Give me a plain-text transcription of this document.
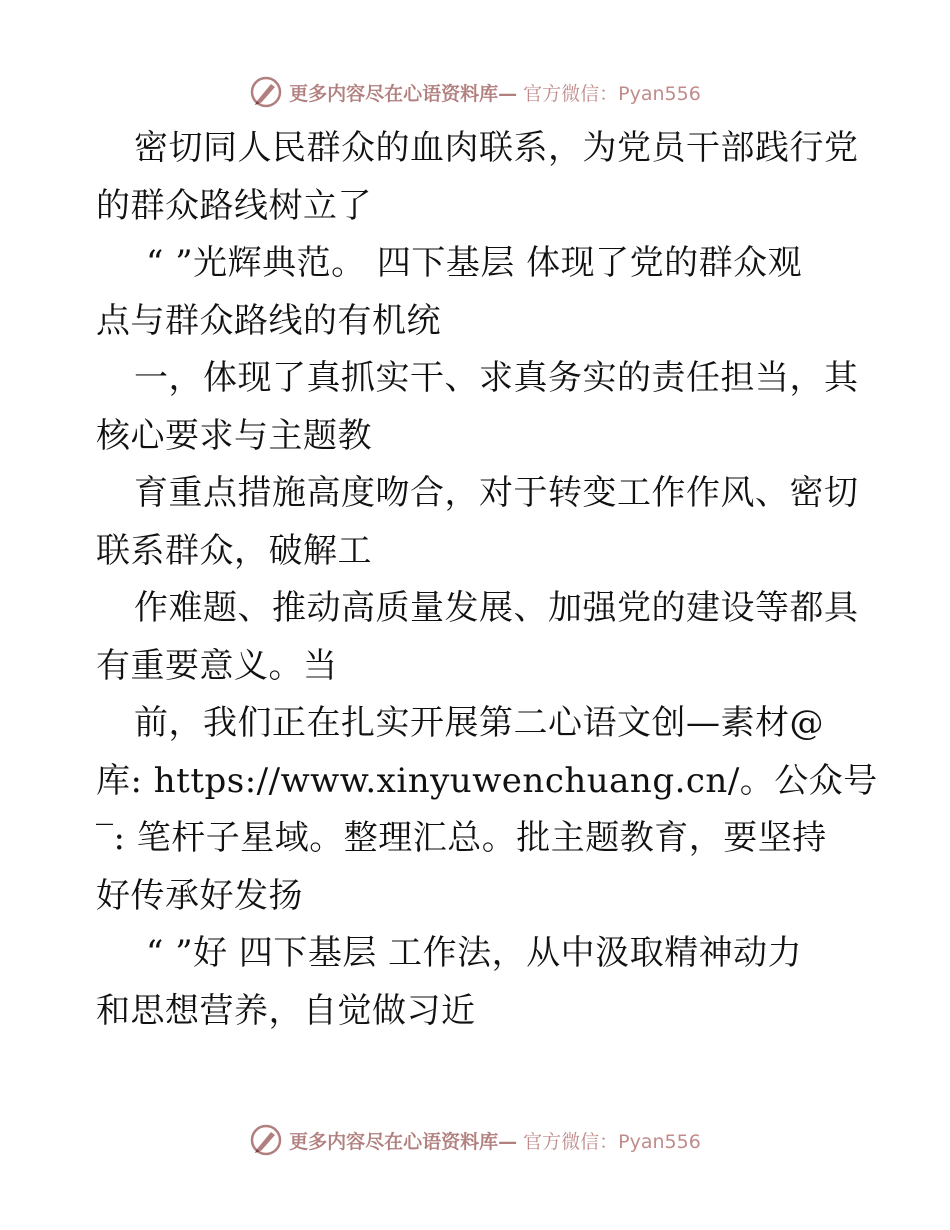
更多内容尽在心语资料库— 官方微信：Pyan556
密切同人民群众的血肉联系，为党员干部践行党
的群众路线树立了
“ ”光辉典范。 四下基层 体现了党的群众观
点与群众路线的有机统
一，体现了真抓实干、求真务实的责任担当，其
核心要求与主题教
育重点措施高度吻合，对于转变工作作风、密切
联系群众，破解工
作难题、推动高质量发展、加强党的建设等都具
有重要意义。当
前，我们正在扎实开展第二心语文创—素材@
库: https://www.xinyuwenchuang.cn/。公众号
‾: 笔杆子星域。整理汇总。批主题教育，要坚持
好传承好发扬
“ ”好 四下基层 工作法，从中汲取精神动力
和思想营养，自觉做习近
更多内容尽在心语资料库— 官方微信：Pyan556
